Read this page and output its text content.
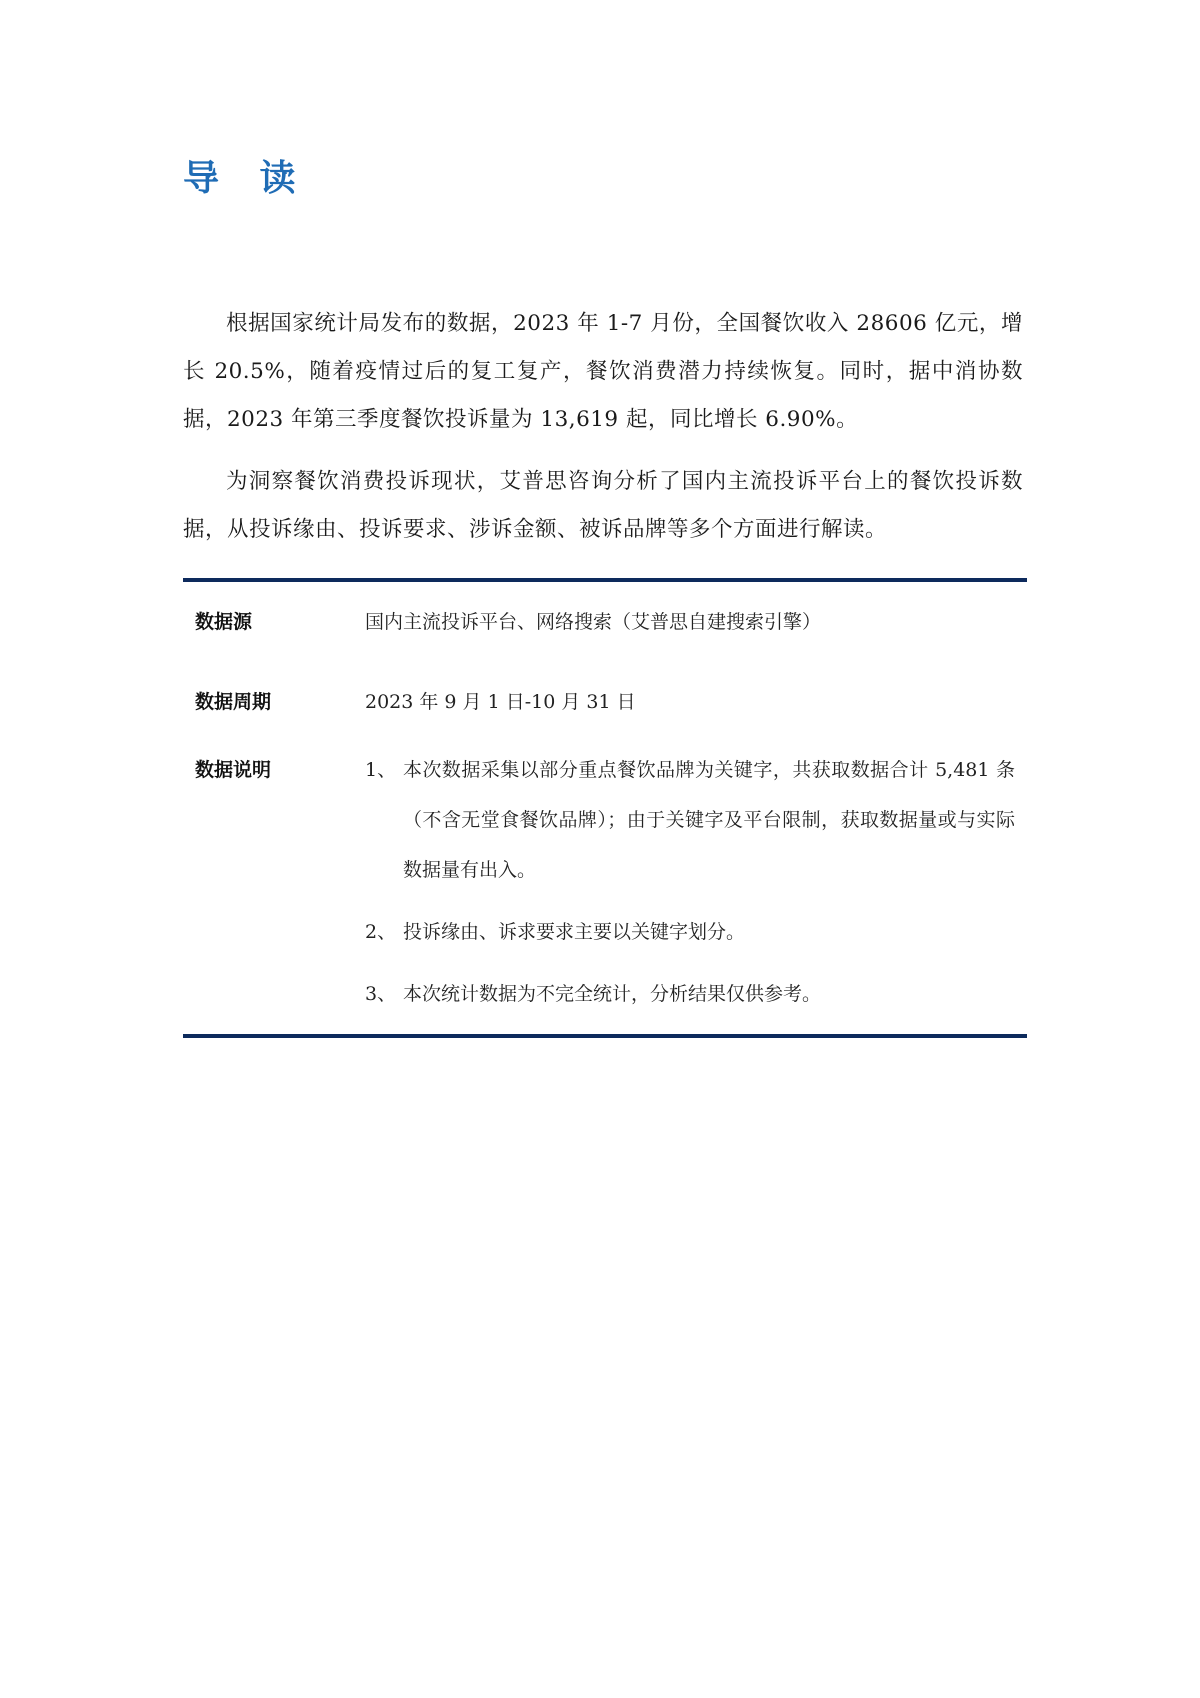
导 读

根据国家统计局发布的数据，2023 年 1-7 月份，全国餐饮收入 28606 亿元，增长 20.5%，随着疫情过后的复工复产，餐饮消费潜力持续恢复。同时，据中消协数据，2023 年第三季度餐饮投诉量为 13,619 起，同比增长 6.90%。

为洞察餐饮消费投诉现状，艾普思咨询分析了国内主流投诉平台上的餐饮投诉数据，从投诉缘由、投诉要求、涉诉金额、被诉品牌等多个方面进行解读。

数据源	国内主流投诉平台、网络搜索（艾普思自建搜索引擎）
数据周期	2023 年 9 月 1 日-10 月 31 日
数据说明	1、 本次数据采集以部分重点餐饮品牌为关键字，共获取数据合计 5,481 条（不含无堂食餐饮品牌）；由于关键字及平台限制，获取数据量或与实际数据量有出入。
2、 投诉缘由、诉求要求主要以关键字划分。
3、 本次统计数据为不完全统计，分析结果仅供参考。
